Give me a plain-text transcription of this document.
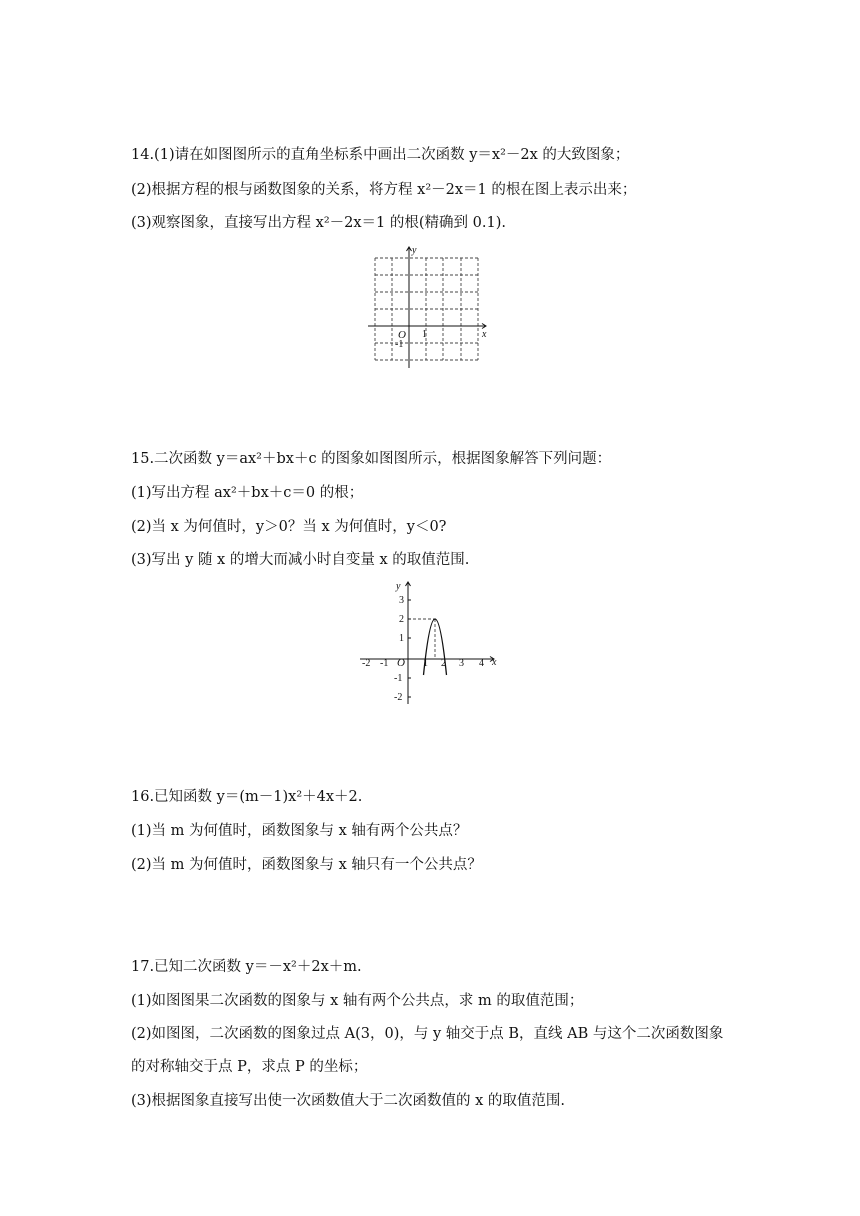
14.(1)请在如图图所示的直角坐标系中画出二次函数 y＝x²－2x 的大致图象；
(2)根据方程的根与函数图象的关系，将方程 x²－2x＝1 的根在图上表示出来；
(3)观察图象，直接写出方程 x²－2x＝1 的根(精确到 0.1).
y
x
O 1
-1
15.二次函数 y＝ax²＋bx＋c 的图象如图图所示，根据图象解答下列问题：
(1)写出方程 ax²＋bx＋c＝0 的根；
(2)当 x 为何值时，y＞0？当 x 为何值时，y＜0?
(3)写出 y 随 x 的增大而减小时自变量 x 的取值范围.
y
x
O
-2 -1	1 2 3 4
3
2
1
-1
-2
16.已知函数 y＝(m－1)x²＋4x＋2.
(1)当 m 为何值时，函数图象与 x 轴有两个公共点？
(2)当 m 为何值时，函数图象与 x 轴只有一个公共点？
17.已知二次函数 y＝－x²＋2x＋m.
(1)如图图果二次函数的图象与 x 轴有两个公共点，求 m 的取值范围；
(2)如图图，二次函数的图象过点 A(3，0)，与 y 轴交于点 B，直线 AB 与这个二次函数图象
的对称轴交于点 P，求点 P 的坐标；
(3)根据图象直接写出使一次函数值大于二次函数值的 x 的取值范围.
